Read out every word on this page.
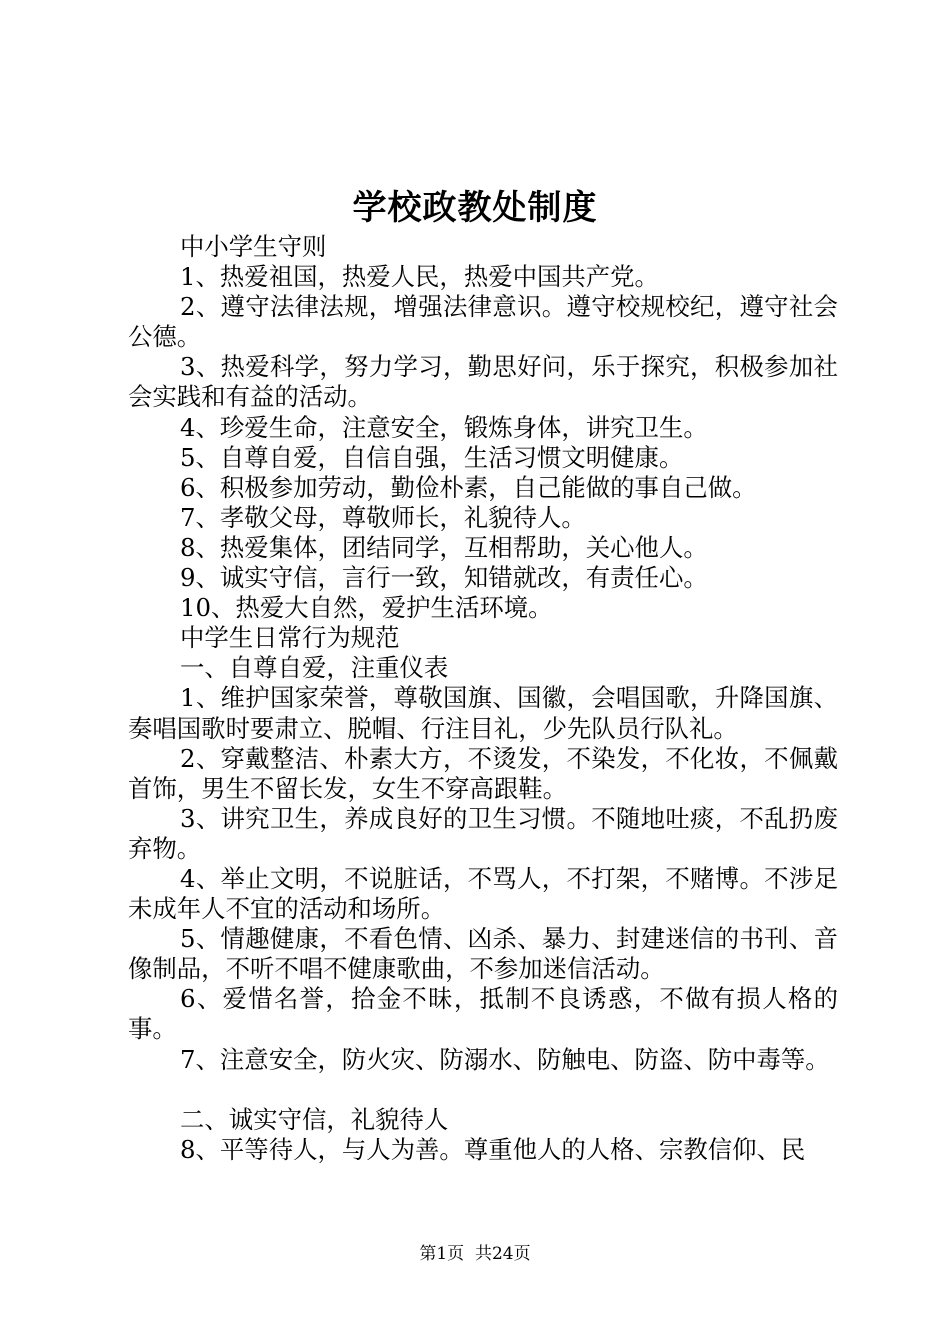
学校政教处制度

中小学生守则

1、热爱祖国，热爱人民，热爱中国共产党。

2、遵守法律法规，增强法律意识。遵守校规校纪，遵守社会公德。

3、热爱科学，努力学习，勤思好问，乐于探究，积极参加社会实践和有益的活动。

4、珍爱生命，注意安全，锻炼身体，讲究卫生。

5、自尊自爱，自信自强，生活习惯文明健康。

6、积极参加劳动，勤俭朴素，自己能做的事自己做。

7、孝敬父母，尊敬师长，礼貌待人。

8、热爱集体，团结同学，互相帮助，关心他人。

9、诚实守信，言行一致，知错就改，有责任心。

10、热爱大自然，爱护生活环境。

中学生日常行为规范

一、自尊自爱，注重仪表

1、维护国家荣誉，尊敬国旗、国徽，会唱国歌，升降国旗、奏唱国歌时要肃立、脱帽、行注目礼，少先队员行队礼。

2、穿戴整洁、朴素大方，不烫发，不染发，不化妆，不佩戴首饰，男生不留长发，女生不穿高跟鞋。

3、讲究卫生，养成良好的卫生习惯。不随地吐痰，不乱扔废弃物。

4、举止文明，不说脏话，不骂人，不打架，不赌博。不涉足未成年人不宜的活动和场所。

5、情趣健康，不看色情、凶杀、暴力、封建迷信的书刊、音像制品，不听不唱不健康歌曲，不参加迷信活动。

6、爱惜名誉，拾金不昧，抵制不良诱惑，不做有损人格的事。

7、注意安全，防火灾、防溺水、防触电、防盗、防中毒等。

二、诚实守信，礼貌待人

8、平等待人，与人为善。尊重他人的人格、宗教信仰、民

第1页  共24页
